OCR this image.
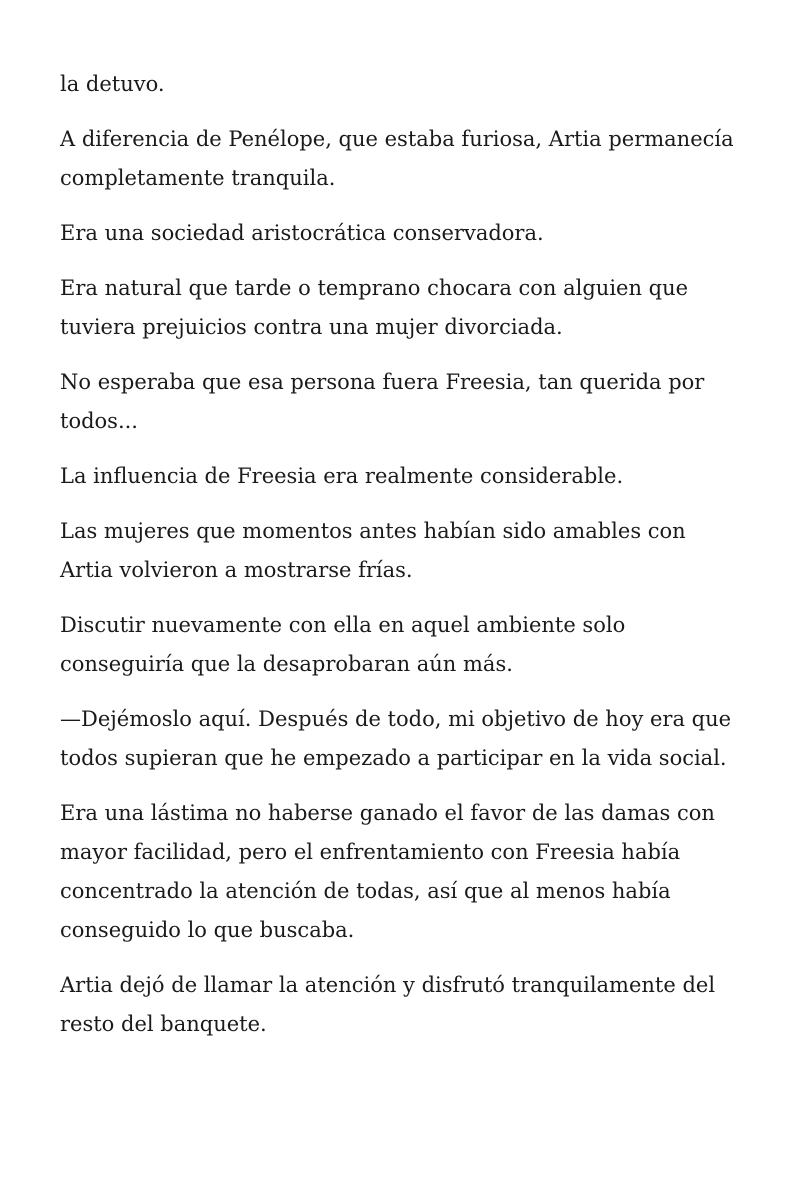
la detuvo.

A diferencia de Penélope, que estaba furiosa, Artia permanecía completamente tranquila.

Era una sociedad aristocrática conservadora.

Era natural que tarde o temprano chocara con alguien que tuviera prejuicios contra una mujer divorciada.

No esperaba que esa persona fuera Freesia, tan querida por todos...

La influencia de Freesia era realmente considerable.

Las mujeres que momentos antes habían sido amables con Artia volvieron a mostrarse frías.

Discutir nuevamente con ella en aquel ambiente solo conseguiría que la desaprobaran aún más.

—Dejémoslo aquí. Después de todo, mi objetivo de hoy era que todos supieran que he empezado a participar en la vida social.

Era una lástima no haberse ganado el favor de las damas con mayor facilidad, pero el enfrentamiento con Freesia había concentrado la atención de todas, así que al menos había conseguido lo que buscaba.

Artia dejó de llamar la atención y disfrutó tranquilamente del resto del banquete.
